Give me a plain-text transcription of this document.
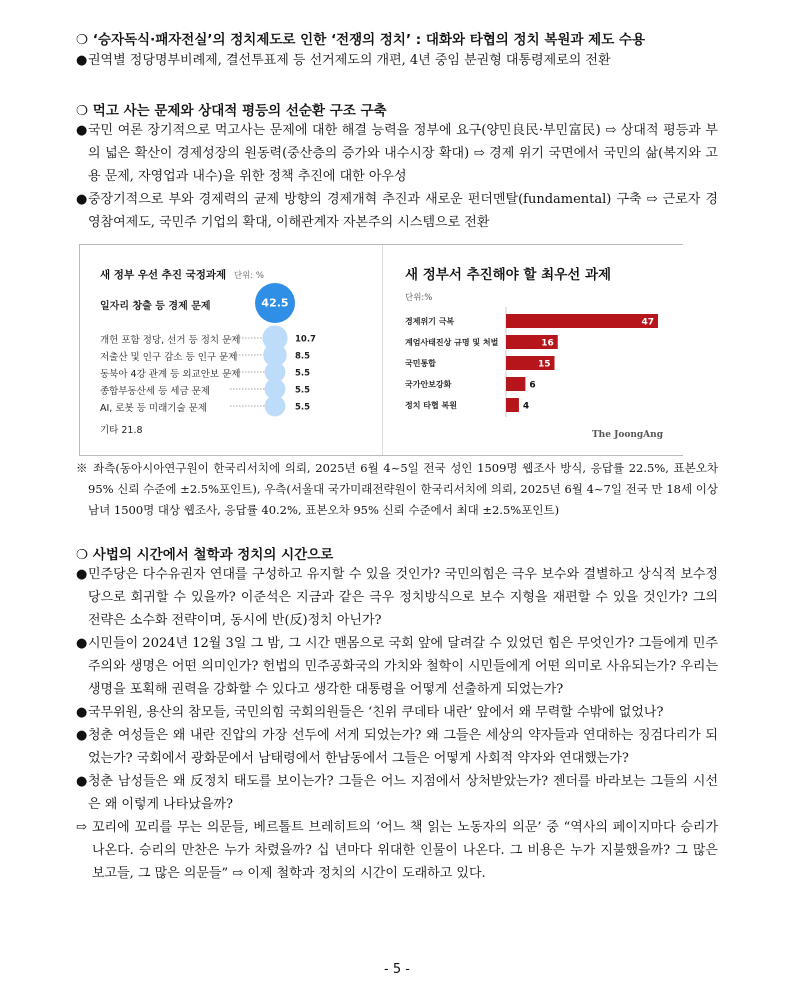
❍ ‘승자독식·패자전실’의 정치제도로 인한 ‘전쟁의 정치’ : 대화와 타협의 정치 복원과 제도 수용
● 권역별 정당명부비례제, 결선투표제 등 선거제도의 개편, 4년 중임 분권형 대통령제로의 전환
❍ 먹고 사는 문제와 상대적 평등의 선순환 구조 구축
● 국민 여론 장기적으로 먹고사는 문제에 대한 해결 능력을 정부에 요구(양민良民·부민富民) ⇨ 상대적 평등과 부의 넓은 확산이 경제성장의 원동력(중산층의 증가와 내수시장 확대) ⇨ 경제 위기 국면에서 국민의 삶(복지와 고용 문제, 자영업과 내수)을 위한 정책 추진에 대한 아우성
● 중장기적으로 부와 경제력의 균제 방향의 경제개혁 추진과 새로운 펀더멘탈(fundamental) 구축 ⇨ 근로자 경영참여제도, 국민주 기업의 확대, 이해관계자 자본주의 시스템으로 전환
새 정부 우선 추진 국정과제 단위: %
42.5
10.7
8.5
5.5
5.5
5.5
일자리 창출 등 경제 문제
개헌 포함 정당, 선거 등 정치 문제
저출산 및 인구 감소 등 인구 문제
동북아 4강 관계 등 외교안보 문제
종합부동산세 등 세금 문제
AI, 로봇 등 미래기술 문제
기타 21.8
새 정부서 추진해야 할 최우선 과제
단위:%
경제위기 극복
계엄사태진상 규명 및 처벌
국민통합
국가안보강화
정치 타협 복원
47
16
15
6
4
The JoongAng
※ 좌측(동아시아연구원이 한국리서치에 의뢰, 2025년 6월 4~5일 전국 성인 1509명 웹조사 방식, 응답률 22.5%, 표본오차 95% 신뢰 수준에 ±2.5%포인트), 우측(서울대 국가미래전략원이 한국리서치에 의뢰, 2025년 6월 4~7일 전국 만 18세 이상 남녀 1500명 대상 웹조사, 응답률 40.2%, 표본오차 95% 신뢰 수준에서 최대 ±2.5%포인트)
❍ 사법의 시간에서 철학과 정치의 시간으로
● 민주당은 다수유권자 연대를 구성하고 유지할 수 있을 것인가? 국민의힘은 극우 보수와 결별하고 상식적 보수정당으로 회귀할 수 있을까? 이준석은 지금과 같은 극우 정치방식으로 보수 지형을 재편할 수 있을 것인가? 그의 전략은 소수화 전략이며, 동시에 반(反)정치 아닌가?
● 시민들이 2024년 12월 3일 그 밤, 그 시간 맨몸으로 국회 앞에 달려갈 수 있었던 힘은 무엇인가? 그들에게 민주주의와 생명은 어떤 의미인가? 헌법의 민주공화국의 가치와 철학이 시민들에게 어떤 의미로 사유되는가? 우리는 생명을 포획해 권력을 강화할 수 있다고 생각한 대통령을 어떻게 선출하게 되었는가?
● 국무위원, 용산의 참모들, 국민의힘 국회의원들은 ‘친위 쿠데타 내란’ 앞에서 왜 무력할 수밖에 없었나?
● 청춘 여성들은 왜 내란 진압의 가장 선두에 서게 되었는가? 왜 그들은 세상의 약자들과 연대하는 징검다리가 되었는가? 국회에서 광화문에서 남태령에서 한남동에서 그들은 어떻게 사회적 약자와 연대했는가?
● 청춘 남성들은 왜 反정치 태도를 보이는가? 그들은 어느 지점에서 상처받았는가? 젠더를 바라보는 그들의 시선은 왜 이렇게 나타났을까?
⇨ 꼬리에 꼬리를 무는 의문들, 베르톨트 브레히트의 ‘어느 책 읽는 노동자의 의문’ 중 “역사의 페이지마다 승리가 나온다. 승리의 만찬은 누가 차렸을까? 십 년마다 위대한 인물이 나온다. 그 비용은 누가 지불했을까? 그 많은 보고들, 그 많은 의문들” ⇨ 이제 철학과 정치의 시간이 도래하고 있다.
- 5 -
